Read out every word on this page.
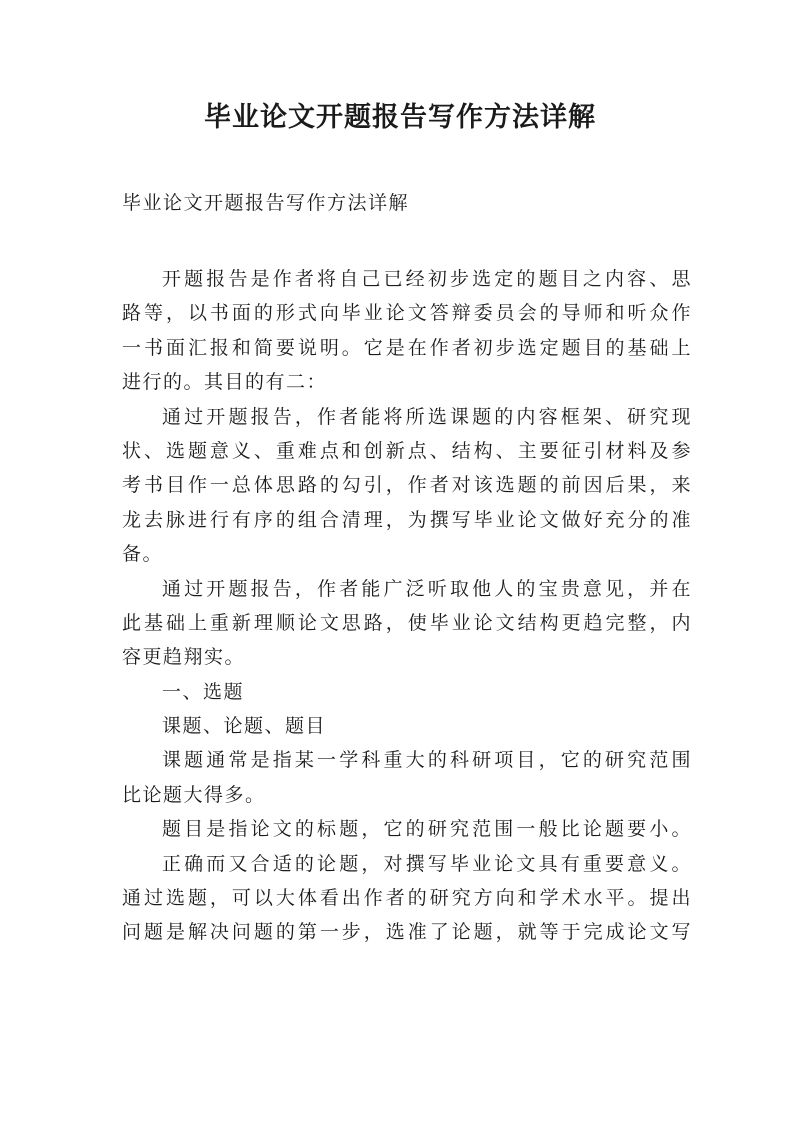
毕业论文开题报告写作方法详解
毕业论文开题报告写作方法详解
开题报告是作者将自己已经初步选定的题目之内容、思
路等，以书面的形式向毕业论文答辩委员会的导师和听众作
一书面汇报和简要说明。它是在作者初步选定题目的基础上
进行的。其目的有二：
通过开题报告，作者能将所选课题的内容框架、研究现
状、选题意义、重难点和创新点、结构、主要征引材料及参
考书目作一总体思路的勾引，作者对该选题的前因后果，来
龙去脉进行有序的组合清理，为撰写毕业论文做好充分的准
备。
通过开题报告，作者能广泛听取他人的宝贵意见，并在
此基础上重新理顺论文思路，使毕业论文结构更趋完整，内
容更趋翔实。
一、选题
课题、论题、题目
课题通常是指某一学科重大的科研项目，它的研究范围
比论题大得多。
题目是指论文的标题，它的研究范围一般比论题要小。
正确而又合适的论题，对撰写毕业论文具有重要意义。
通过选题，可以大体看出作者的研究方向和学术水平。提出
问题是解决问题的第一步，选准了论题，就等于完成论文写
